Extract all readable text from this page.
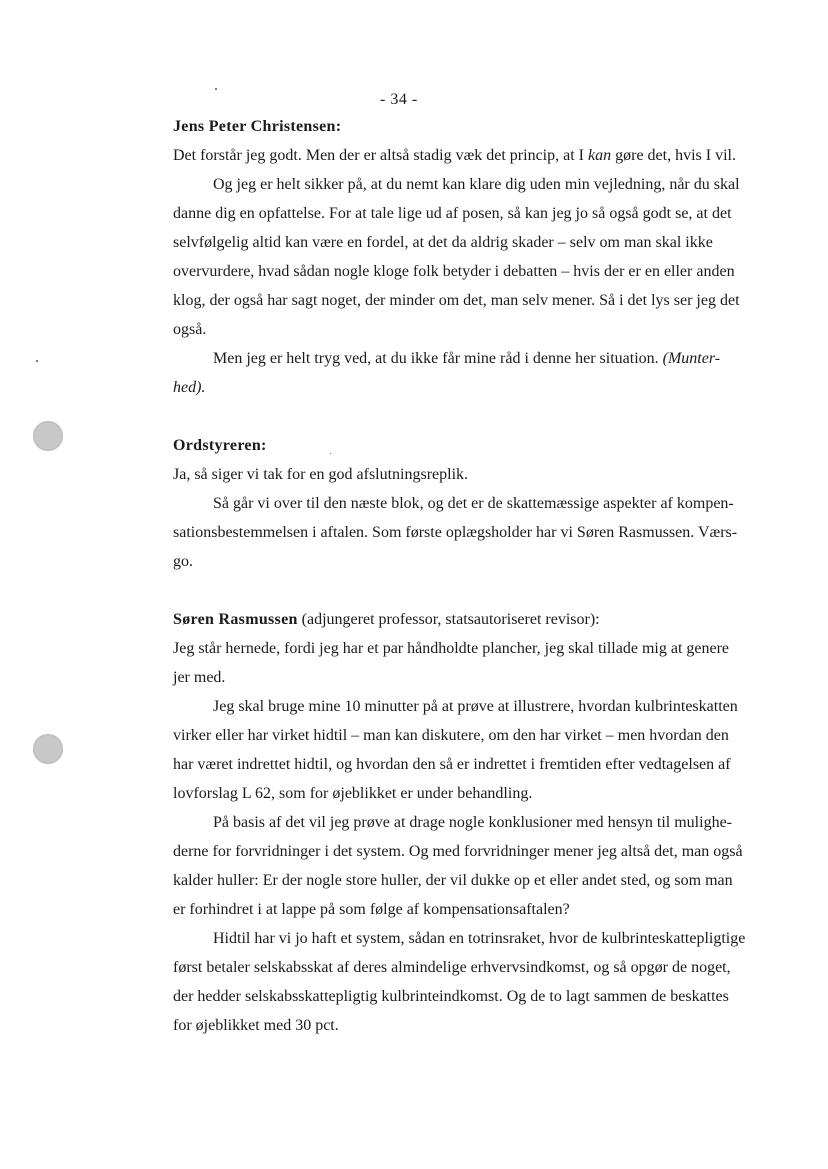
- 34 -

Jens Peter Christensen:

Det forstår jeg godt. Men der er altså stadig væk det princip, at I kan gøre det, hvis I vil.

Og jeg er helt sikker på, at du nemt kan klare dig uden min vejledning, når du skal
danne dig en opfattelse. For at tale lige ud af posen, så kan jeg jo så også godt se, at det
selvfølgelig altid kan være en fordel, at det da aldrig skader – selv om man skal ikke
overvurdere, hvad sådan nogle kloge folk betyder i debatten – hvis der er en eller anden
klog, der også har sagt noget, der minder om det, man selv mener. Så i det lys ser jeg det
også.

Men jeg er helt tryg ved, at du ikke får mine råd i denne her situation. (Munter-
hed).

Ordstyreren:

Ja, så siger vi tak for en god afslutningsreplik.

Så går vi over til den næste blok, og det er de skattemæssige aspekter af kompen-
sationsbestemmelsen i aftalen. Som første oplægsholder har vi Søren Rasmussen. Værs-
go.

Søren Rasmussen (adjungeret professor, statsautoriseret revisor):

Jeg står hernede, fordi jeg har et par håndholdte plancher, jeg skal tillade mig at genere
jer med.

Jeg skal bruge mine 10 minutter på at prøve at illustrere, hvordan kulbrinteskatten
virker eller har virket hidtil – man kan diskutere, om den har virket – men hvordan den
har været indrettet hidtil, og hvordan den så er indrettet i fremtiden efter vedtagelsen af
lovforslag L 62, som for øjeblikket er under behandling.

På basis af det vil jeg prøve at drage nogle konklusioner med hensyn til mulighe-
derne for forvridninger i det system. Og med forvridninger mener jeg altså det, man også
kalder huller: Er der nogle store huller, der vil dukke op et eller andet sted, og som man
er forhindret i at lappe på som følge af kompensationsaftalen?

Hidtil har vi jo haft et system, sådan en totrinsraket, hvor de kulbrinteskattepligtige
først betaler selskabsskat af deres almindelige erhvervsindkomst, og så opgør de noget,
der hedder selskabsskattepligtig kulbrinteindkomst. Og de to lagt sammen de beskattes
for øjeblikket med 30 pct.
